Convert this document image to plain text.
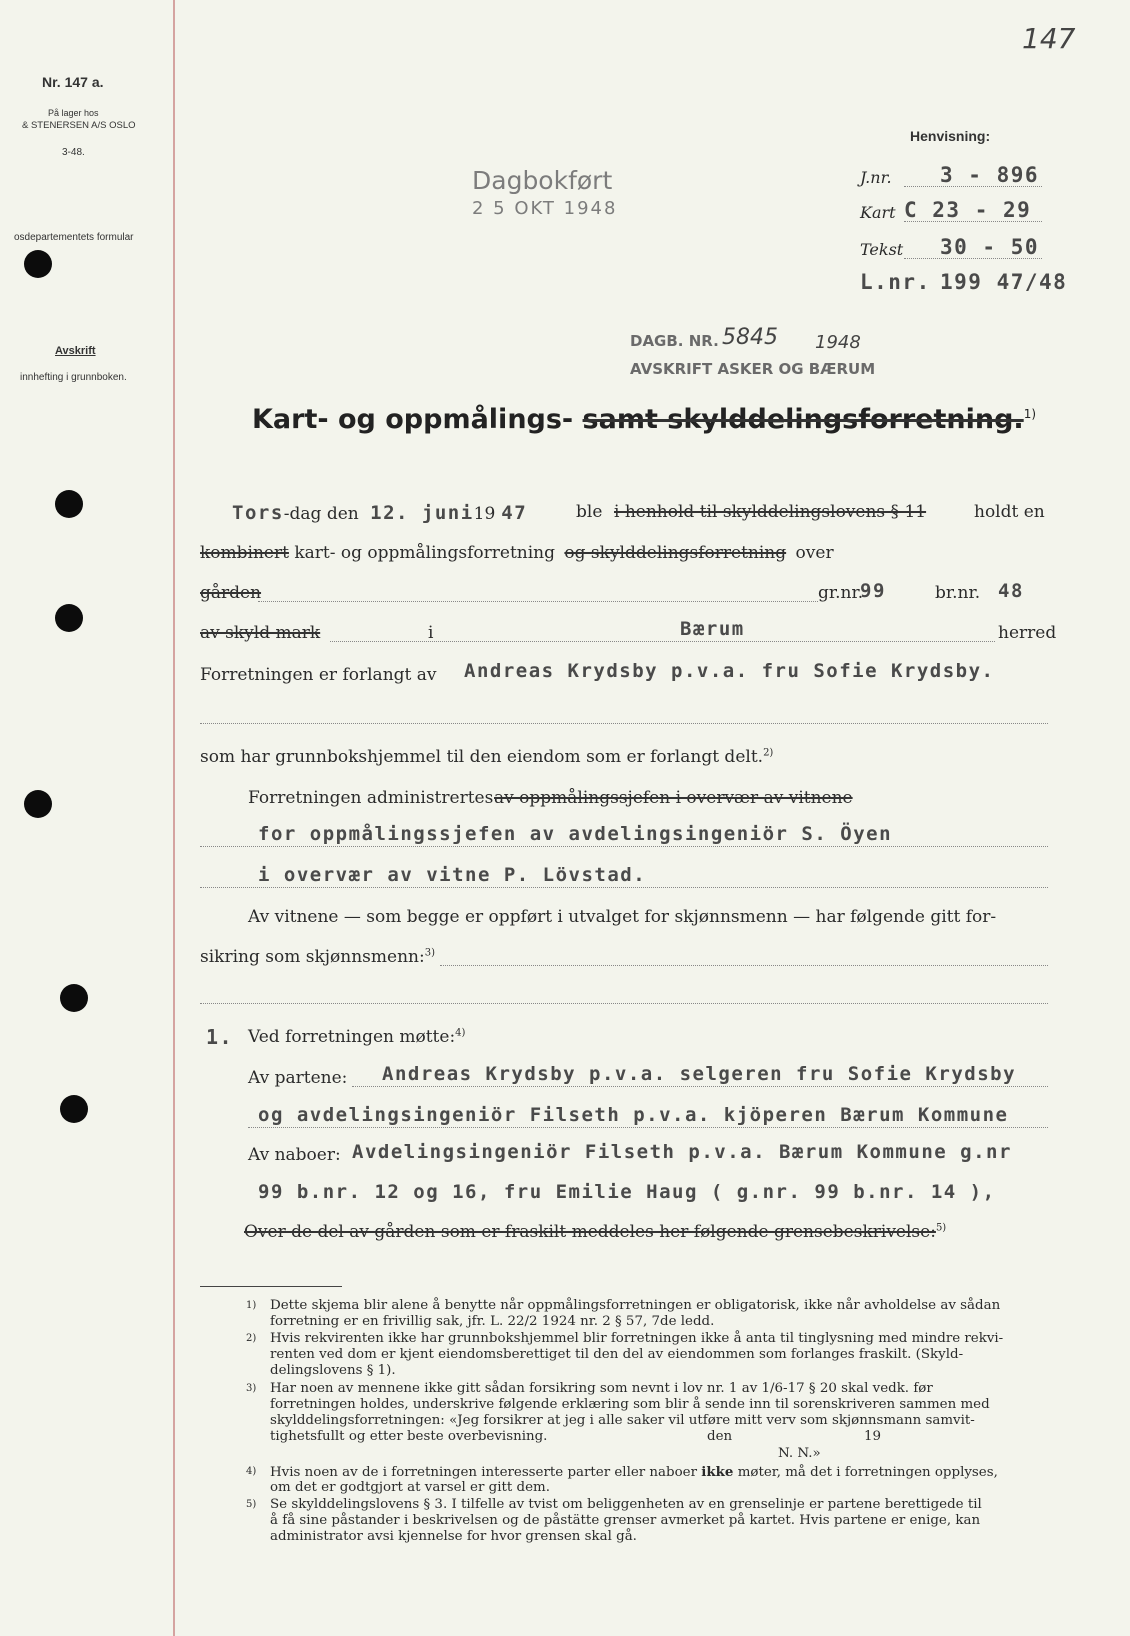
147
Nr. 147 a.
På lager hos
& STENERSEN A/S OSLO
3-48.
osdepartementets formular
Avskrift
innhefting i grunnboken.
Henvisning:
J.nr. 3 - 896
Kart C 23 - 29
Tekst 30 - 50
L.nr. 199 47/48
Dagbokført
2 5 OKT 1948
DAGB. NR. 5845 1948
AVSKRIFT ASKER OG BÆRUM
Kart- og oppmålings- samt skylddelingsforretning.$^{1)}$
Tors-dag den 12. juni19 47	ble i henhold til skylddelingslovens § 11	holdt en
kombinert kart- og oppmålingsforretning og skylddelingsforretning over
gården	gr.nr.
99	br.nr. 48
av skyld mark	i	Bærum	herred
Forretningen er forlangt av Andreas Krydsby p.v.a. fru Sofie Krydsby.
som har grunnbokshjemmel til den eiendom som er forlangt delt.$^{2)}$
Forretningen administrertes av oppmålingssjefen i overvær av vitnene
for oppmålingssjefen av avdelingsingeniör S. Öyen
i overvær av vitne P. Lövstad.
Av vitnene — som begge er oppført i utvalget for skjønnsmenn — har følgende gitt for-
sikring som skjønnsmenn:$^{3)}$
1. Ved forretningen møtte:$^{4)}$
Av partene: Andreas Krydsby p.v.a. selgeren fru Sofie Krydsby
og avdelingsingeniör Filseth p.v.a. kjöperen Bærum Kommune
Av naboer: Avdelingsingeniör Filseth p.v.a. Bærum Kommune g.nr
99 b.nr. 12 og 16, fru Emilie Haug ( g.nr. 99 b.nr. 14 ),
Over de del av gården som er fraskilt meddeles her følgende grensebeskrivelse:$^{5)}$
1) Dette skjema blir alene å benytte når oppmålingsforretningen er obligatorisk, ikke når avholdelse av sådan
forretning er en frivillig sak, jfr. L. 22/2 1924 nr. 2 § 57, 7de ledd.
2) Hvis rekvirenten ikke har grunnbokshjemmel blir forretningen ikke å anta til tinglysning med mindre rekvi-
renten ved dom er kjent eiendomsberettiget til den del av eiendommen som forlanges fraskilt. (Skyld-
delingslovens § 1).
3) Har noen av mennene ikke gitt sådan forsikring som nevnt i lov nr. 1 av 1/6-17 § 20 skal vedk. før
forretningen holdes, underskrive følgende erklæring som blir å sende inn til sorenskriveren sammen med
skylddelingsforretningen: «Jeg forsikrer at jeg i alle saker vil utføre mitt verv som skjønnsmann samvit-
tighetsfullt og etter beste overbevisning.	den	19
N. N.»
4) Hvis noen av de i forretningen interesserte parter eller naboer ikke møter, må det i forretningen opplyses,
om det er godtgjort at varsel er gitt dem.
5) Se skylddelingslovens § 3. I tilfelle av tvist om beliggenheten av en grenselinje er partene berettigede til
å få sine påstander i beskrivelsen og de påstätte grenser avmerket på kartet. Hvis partene er enige, kan
administrator avsi kjennelse for hvor grensen skal gå.
